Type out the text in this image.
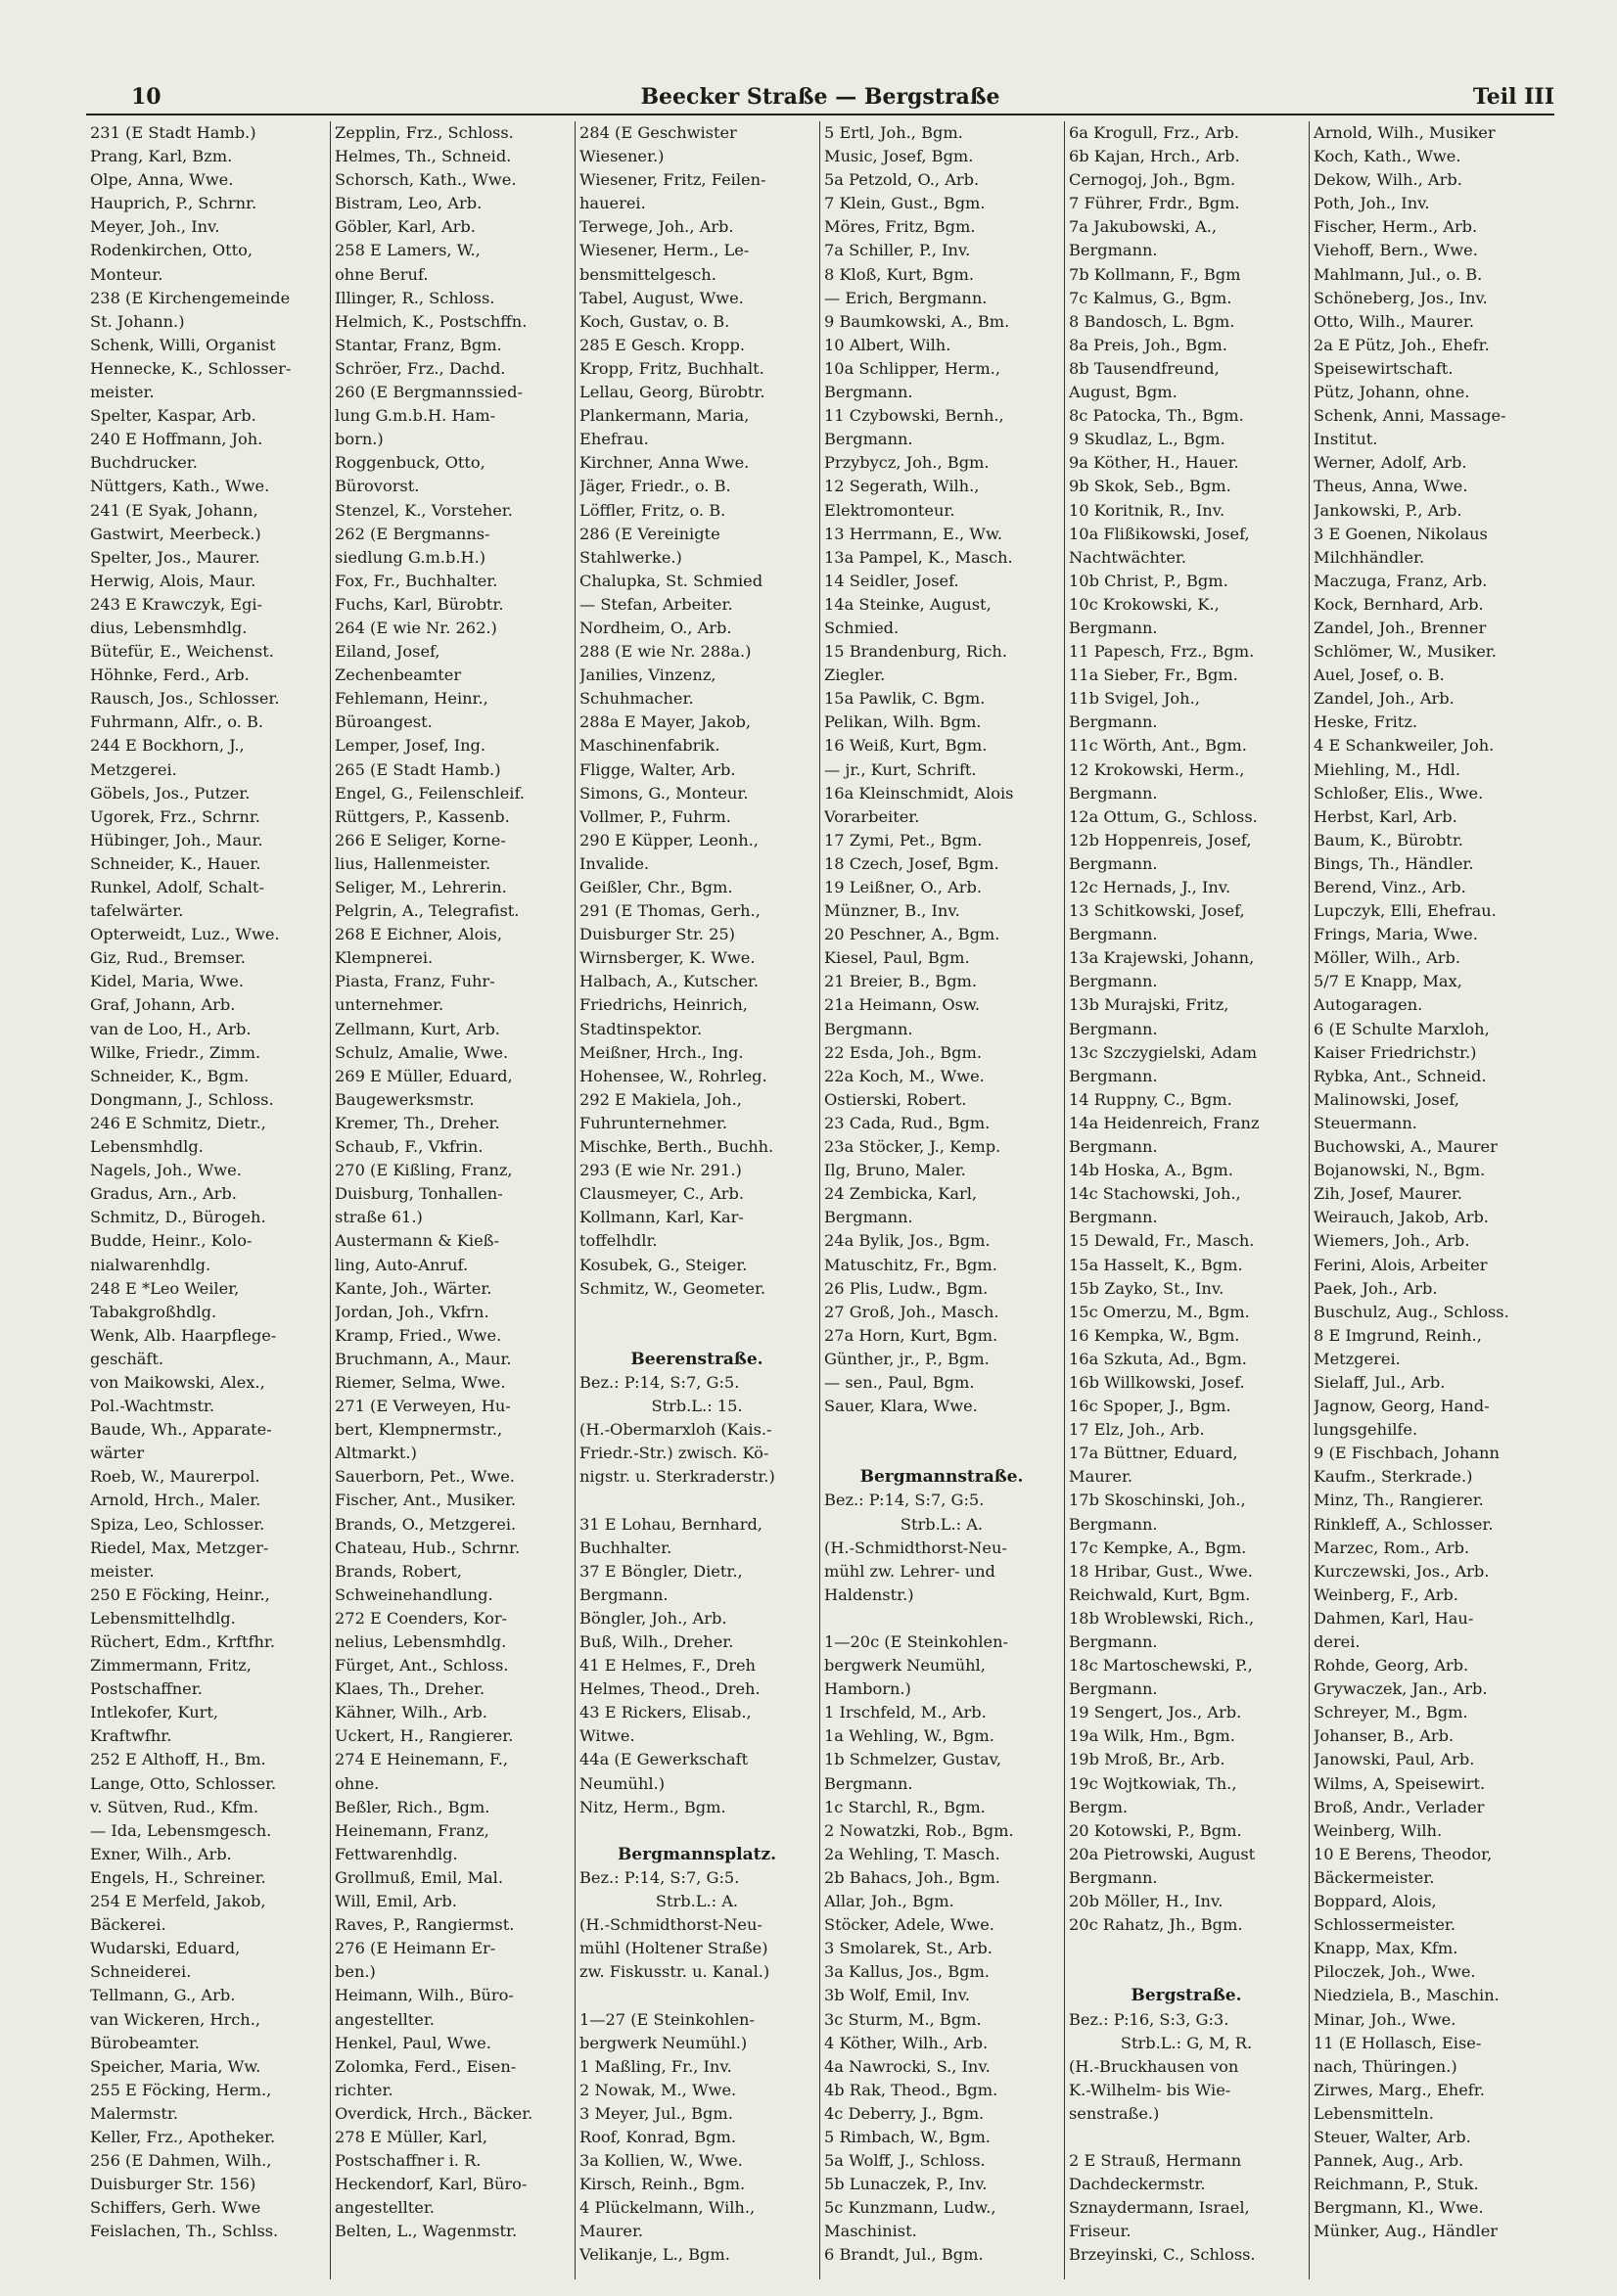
10	Beecker Straße — Bergstraße	Teil III
231 (E Stadt Hamb.)
Prang, Karl, Bzm.
Olpe, Anna, Wwe.
Hauprich, P., Schrnr.
Meyer, Joh., Inv.
Rodenkirchen, Otto,
Monteur.
238 (E Kirchengemeinde
St. Johann.)
Schenk, Willi, Organist
Hennecke, K., Schlosser-
meister.
Spelter, Kaspar, Arb.
240 E Hoffmann, Joh.
Buchdrucker.
Nüttgers, Kath., Wwe.
241 (E Syak, Johann,
Gastwirt, Meerbeck.)
Spelter, Jos., Maurer.
Herwig, Alois, Maur.
243 E Krawczyk, Egi-
dius, Lebensmhdlg.
Bütefür, E., Weichenst.
Höhnke, Ferd., Arb.
Rausch, Jos., Schlosser.
Fuhrmann, Alfr., o. B.
244 E Bockhorn, J.,
Metzgerei.
Göbels, Jos., Putzer.
Ugorek, Frz., Schrnr.
Hübinger, Joh., Maur.
Schneider, K., Hauer.
Runkel, Adolf, Schalt-
tafelwärter.
Opterweidt, Luz., Wwe.
Giz, Rud., Bremser.
Kidel, Maria, Wwe.
Graf, Johann, Arb.
van de Loo, H., Arb.
Wilke, Friedr., Zimm.
Schneider, K., Bgm.
Dongmann, J., Schloss.
246 E Schmitz, Dietr.,
Lebensmhdlg.
Nagels, Joh., Wwe.
Gradus, Arn., Arb.
Schmitz, D., Bürogeh.
Budde, Heinr., Kolo-
nialwarenhdlg.
248 E *Leo Weiler,
Tabakgroßhdlg.
Wenk, Alb. Haarpflege-
geschäft.
von Maikowski, Alex.,
Pol.-Wachtmstr.
Baude, Wh., Apparate-
wärter
Roeb, W., Maurerpol.
Arnold, Hrch., Maler.
Spiza, Leo, Schlosser.
Riedel, Max, Metzger-
meister.
250 E Föcking, Heinr.,
Lebensmittelhdlg.
Rüchert, Edm., Krftfhr.
Zimmermann, Fritz,
Postschaffner.
Intlekofer, Kurt,
Kraftwfhr.
252 E Althoff, H., Bm.
Lange, Otto, Schlosser.
v. Sütven, Rud., Kfm.
— Ida, Lebensmgesch.
Exner, Wilh., Arb.
Engels, H., Schreiner.
254 E Merfeld, Jakob,
Bäckerei.
Wudarski, Eduard,
Schneiderei.
Tellmann, G., Arb.
van Wickeren, Hrch.,
Bürobeamter.
Speicher, Maria, Ww.
255 E Föcking, Herm.,
Malermstr.
Keller, Frz., Apotheker.
256 (E Dahmen, Wilh.,
Duisburger Str. 156)
Schiffers, Gerh. Wwe
Feislachen, Th., Schlss.
Zepplin, Frz., Schloss.
Helmes, Th., Schneid.
Schorsch, Kath., Wwe.
Bistram, Leo, Arb.
Göbler, Karl, Arb.
258 E Lamers, W.,
ohne Beruf.
Illinger, R., Schloss.
Helmich, K., Postschffn.
Stantar, Franz, Bgm.
Schröer, Frz., Dachd.
260 (E Bergmannssied-
lung G.m.b.H. Ham-
born.)
Roggenbuck, Otto,
Bürovorst.
Stenzel, K., Vorsteher.
262 (E Bergmanns-
siedlung G.m.b.H.)
Fox, Fr., Buchhalter.
Fuchs, Karl, Bürobtr.
264 (E wie Nr. 262.)
Eiland, Josef,
Zechenbeamter
Fehlemann, Heinr.,
Büroangest.
Lemper, Josef, Ing.
265 (E Stadt Hamb.)
Engel, G., Feilenschleif.
Rüttgers, P., Kassenb.
266 E Seliger, Korne-
lius, Hallenmeister.
Seliger, M., Lehrerin.
Pelgrin, A., Telegrafist.
268 E Eichner, Alois,
Klempnerei.
Piasta, Franz, Fuhr-
unternehmer.
Zellmann, Kurt, Arb.
Schulz, Amalie, Wwe.
269 E Müller, Eduard,
Baugewerksmstr.
Kremer, Th., Dreher.
Schaub, F., Vkfrin.
270 (E Kißling, Franz,
Duisburg, Tonhallen-
straße 61.)
Austermann & Kieß-
ling, Auto-Anruf.
Kante, Joh., Wärter.
Jordan, Joh., Vkfrn.
Kramp, Fried., Wwe.
Bruchmann, A., Maur.
Riemer, Selma, Wwe.
271 (E Verweyen, Hu-
bert, Klempnermstr.,
Altmarkt.)
Sauerborn, Pet., Wwe.
Fischer, Ant., Musiker.
Brands, O., Metzgerei.
Chateau, Hub., Schrnr.
Brands, Robert,
Schweinehandlung.
272 E Coenders, Kor-
nelius, Lebensmhdlg.
Fürget, Ant., Schloss.
Klaes, Th., Dreher.
Kähner, Wilh., Arb.
Uckert, H., Rangierer.
274 E Heinemann, F.,
ohne.
Beßler, Rich., Bgm.
Heinemann, Franz,
Fettwarenhdlg.
Grollmuß, Emil, Mal.
Will, Emil, Arb.
Raves, P., Rangiermst.
276 (E Heimann Er-
ben.)
Heimann, Wilh., Büro-
angestellter.
Henkel, Paul, Wwe.
Zolomka, Ferd., Eisen-
richter.
Overdick, Hrch., Bäcker.
278 E Müller, Karl,
Postschaffner i. R.
Heckendorf, Karl, Büro-
angestellter.
Belten, L., Wagenmstr.
284 (E Geschwister
Wiesener.)
Wiesener, Fritz, Feilen-
hauerei.
Terwege, Joh., Arb.
Wiesener, Herm., Le-
bensmittelgesch.
Tabel, August, Wwe.
Koch, Gustav, o. B.
285 E Gesch. Kropp.
Kropp, Fritz, Buchhalt.
Lellau, Georg, Bürobtr.
Plankermann, Maria,
Ehefrau.
Kirchner, Anna Wwe.
Jäger, Friedr., o. B.
Löffler, Fritz, o. B.
286 (E Vereinigte
Stahlwerke.)
Chalupka, St. Schmied
— Stefan, Arbeiter.
Nordheim, O., Arb.
288 (E wie Nr. 288a.)
Janilies, Vinzenz,
Schuhmacher.
288a E Mayer, Jakob,
Maschinenfabrik.
Fligge, Walter, Arb.
Simons, G., Monteur.
Vollmer, P., Fuhrm.
290 E Küpper, Leonh.,
Invalide.
Geißler, Chr., Bgm.
291 (E Thomas, Gerh.,
Duisburger Str. 25)
Wirnsberger, K. Wwe.
Halbach, A., Kutscher.
Friedrichs, Heinrich,
Stadtinspektor.
Meißner, Hrch., Ing.
Hohensee, W., Rohrleg.
292 E Makiela, Joh.,
Fuhrunternehmer.
Mischke, Berth., Buchh.
293 (E wie Nr. 291.)
Clausmeyer, C., Arb.
Kollmann, Karl, Kar-
toffelhdlr.
Kosubek, G., Steiger.
Schmitz, W., Geometer.
Beerenstraße.
Bez.: P:14, S:7, G:5.
Strb.L.: 15.
(H.-Obermarxloh (Kais.-
Friedr.-Str.) zwisch. Kö-
nigstr. u. Sterkraderstr.)
31 E Lohau, Bernhard,
Buchhalter.
37 E Böngler, Dietr.,
Bergmann.
Böngler, Joh., Arb.
Buß, Wilh., Dreher.
41 E Helmes, F., Dreh
Helmes, Theod., Dreh.
43 E Rickers, Elisab.,
Witwe.
44a (E Gewerkschaft
Neumühl.)
Nitz, Herm., Bgm.
Bergmannsplatz.
Bez.: P:14, S:7, G:5.
Strb.L.: A.
(H.-Schmidthorst-Neu-
mühl (Holtener Straße)
zw. Fiskusstr. u. Kanal.)
1—27 (E Steinkohlen-
bergwerk Neumühl.)
1 Maßling, Fr., Inv.
2 Nowak, M., Wwe.
3 Meyer, Jul., Bgm.
Roof, Konrad, Bgm.
3a Kollien, W., Wwe.
Kirsch, Reinh., Bgm.
4 Plückelmann, Wilh.,
Maurer.
Velikanje, L., Bgm.
5 Ertl, Joh., Bgm.
Music, Josef, Bgm.
5a Petzold, O., Arb.
7 Klein, Gust., Bgm.
Möres, Fritz, Bgm.
7a Schiller, P., Inv.
8 Kloß, Kurt, Bgm.
— Erich, Bergmann.
9 Baumkowski, A., Bm.
10 Albert, Wilh.
10a Schlipper, Herm.,
Bergmann.
11 Czybowski, Bernh.,
Bergmann.
Przybycz, Joh., Bgm.
12 Segerath, Wilh.,
Elektromonteur.
13 Herrmann, E., Ww.
13a Pampel, K., Masch.
14 Seidler, Josef.
14a Steinke, August,
Schmied.
15 Brandenburg, Rich.
Ziegler.
15a Pawlik, C. Bgm.
Pelikan, Wilh. Bgm.
16 Weiß, Kurt, Bgm.
— jr., Kurt, Schrift.
16a Kleinschmidt, Alois
Vorarbeiter.
17 Zymi, Pet., Bgm.
18 Czech, Josef, Bgm.
19 Leißner, O., Arb.
Münzner, B., Inv.
20 Peschner, A., Bgm.
Kiesel, Paul, Bgm.
21 Breier, B., Bgm.
21a Heimann, Osw.
Bergmann.
22 Esda, Joh., Bgm.
22a Koch, M., Wwe.
Ostierski, Robert.
23 Cada, Rud., Bgm.
23a Stöcker, J., Kemp.
Ilg, Bruno, Maler.
24 Zembicka, Karl,
Bergmann.
24a Bylik, Jos., Bgm.
Matuschitz, Fr., Bgm.
26 Plis, Ludw., Bgm.
27 Groß, Joh., Masch.
27a Horn, Kurt, Bgm.
Günther, jr., P., Bgm.
— sen., Paul, Bgm.
Sauer, Klara, Wwe.
Bergmannstraße.
Bez.: P:14, S:7, G:5.
Strb.L.: A.
(H.-Schmidthorst-Neu-
mühl zw. Lehrer- und
Haldenstr.)
1—20c (E Steinkohlen-
bergwerk Neumühl,
Hamborn.)
1 Irschfeld, M., Arb.
1a Wehling, W., Bgm.
1b Schmelzer, Gustav,
Bergmann.
1c Starchl, R., Bgm.
2 Nowatzki, Rob., Bgm.
2a Wehling, T. Masch.
2b Bahacs, Joh., Bgm.
Allar, Joh., Bgm.
Stöcker, Adele, Wwe.
3 Smolarek, St., Arb.
3a Kallus, Jos., Bgm.
3b Wolf, Emil, Inv.
3c Sturm, M., Bgm.
4 Köther, Wilh., Arb.
4a Nawrocki, S., Inv.
4b Rak, Theod., Bgm.
4c Deberry, J., Bgm.
5 Rimbach, W., Bgm.
5a Wolff, J., Schloss.
5b Lunaczek, P., Inv.
5c Kunzmann, Ludw.,
Maschinist.
6 Brandt, Jul., Bgm.
6a Krogull, Frz., Arb.
6b Kajan, Hrch., Arb.
Cernogoj, Joh., Bgm.
7 Führer, Frdr., Bgm.
7a Jakubowski, A.,
Bergmann.
7b Kollmann, F., Bgm
7c Kalmus, G., Bgm.
8 Bandosch, L. Bgm.
8a Preis, Joh., Bgm.
8b Tausendfreund,
August, Bgm.
8c Patocka, Th., Bgm.
9 Skudlaz, L., Bgm.
9a Köther, H., Hauer.
9b Skok, Seb., Bgm.
10 Koritnik, R., Inv.
10a Flißikowski, Josef,
Nachtwächter.
10b Christ, P., Bgm.
10c Krokowski, K.,
Bergmann.
11 Papesch, Frz., Bgm.
11a Sieber, Fr., Bgm.
11b Svigel, Joh.,
Bergmann.
11c Wörth, Ant., Bgm.
12 Krokowski, Herm.,
Bergmann.
12a Ottum, G., Schloss.
12b Hoppenreis, Josef,
Bergmann.
12c Hernads, J., Inv.
13 Schitkowski, Josef,
Bergmann.
13a Krajewski, Johann,
Bergmann.
13b Murajski, Fritz,
Bergmann.
13c Szczygielski, Adam
Bergmann.
14 Ruppny, C., Bgm.
14a Heidenreich, Franz
Bergmann.
14b Hoska, A., Bgm.
14c Stachowski, Joh.,
Bergmann.
15 Dewald, Fr., Masch.
15a Hasselt, K., Bgm.
15b Zayko, St., Inv.
15c Omerzu, M., Bgm.
16 Kempka, W., Bgm.
16a Szkuta, Ad., Bgm.
16b Willkowski, Josef.
16c Spoper, J., Bgm.
17 Elz, Joh., Arb.
17a Büttner, Eduard,
Maurer.
17b Skoschinski, Joh.,
Bergmann.
17c Kempke, A., Bgm.
18 Hribar, Gust., Wwe.
Reichwald, Kurt, Bgm.
18b Wroblewski, Rich.,
Bergmann.
18c Martoschewski, P.,
Bergmann.
19 Sengert, Jos., Arb.
19a Wilk, Hm., Bgm.
19b Mroß, Br., Arb.
19c Wojtkowiak, Th.,
Bergm.
20 Kotowski, P., Bgm.
20a Pietrowski, August
Bergmann.
20b Möller, H., Inv.
20c Rahatz, Jh., Bgm.
Bergstraße.
Bez.: P:16, S:3, G:3.
Strb.L.: G, M, R.
(H.-Bruckhausen von
K.-Wilhelm- bis Wie-
senstraße.)
2 E Strauß, Hermann
Dachdeckermstr.
Sznaydermann, Israel,
Friseur.
Brzeyinski, C., Schloss.
Arnold, Wilh., Musiker
Koch, Kath., Wwe.
Dekow, Wilh., Arb.
Poth, Joh., Inv.
Fischer, Herm., Arb.
Viehoff, Bern., Wwe.
Mahlmann, Jul., o. B.
Schöneberg, Jos., Inv.
Otto, Wilh., Maurer.
2a E Pütz, Joh., Ehefr.
Speisewirtschaft.
Pütz, Johann, ohne.
Schenk, Anni, Massage-
Institut.
Werner, Adolf, Arb.
Theus, Anna, Wwe.
Jankowski, P., Arb.
3 E Goenen, Nikolaus
Milchhändler.
Maczuga, Franz, Arb.
Kock, Bernhard, Arb.
Zandel, Joh., Brenner
Schlömer, W., Musiker.
Auel, Josef, o. B.
Zandel, Joh., Arb.
Heske, Fritz.
4 E Schankweiler, Joh.
Miehling, M., Hdl.
Schloßer, Elis., Wwe.
Herbst, Karl, Arb.
Baum, K., Bürobtr.
Bings, Th., Händler.
Berend, Vinz., Arb.
Lupczyk, Elli, Ehefrau.
Frings, Maria, Wwe.
Möller, Wilh., Arb.
5/7 E Knapp, Max,
Autogaragen.
6 (E Schulte Marxloh,
Kaiser Friedrichstr.)
Rybka, Ant., Schneid.
Malinowski, Josef,
Steuermann.
Buchowski, A., Maurer
Bojanowski, N., Bgm.
Zih, Josef, Maurer.
Weirauch, Jakob, Arb.
Wiemers, Joh., Arb.
Ferini, Alois, Arbeiter
Paek, Joh., Arb.
Buschulz, Aug., Schloss.
8 E Imgrund, Reinh.,
Metzgerei.
Sielaff, Jul., Arb.
Jagnow, Georg, Hand-
lungsgehilfe.
9 (E Fischbach, Johann
Kaufm., Sterkrade.)
Minz, Th., Rangierer.
Rinkleff, A., Schlosser.
Marzec, Rom., Arb.
Kurczewski, Jos., Arb.
Weinberg, F., Arb.
Dahmen, Karl, Hau-
derei.
Rohde, Georg, Arb.
Grywaczek, Jan., Arb.
Schreyer, M., Bgm.
Johanser, B., Arb.
Janowski, Paul, Arb.
Wilms, A, Speisewirt.
Broß, Andr., Verlader
Weinberg, Wilh.
10 E Berens, Theodor,
Bäckermeister.
Boppard, Alois,
Schlossermeister.
Knapp, Max, Kfm.
Piloczek, Joh., Wwe.
Niedziela, B., Maschin.
Minar, Joh., Wwe.
11 (E Hollasch, Eise-
nach, Thüringen.)
Zirwes, Marg., Ehefr.
Lebensmitteln.
Steuer, Walter, Arb.
Pannek, Aug., Arb.
Reichmann, P., Stuk.
Bergmann, Kl., Wwe.
Münker, Aug., Händler
